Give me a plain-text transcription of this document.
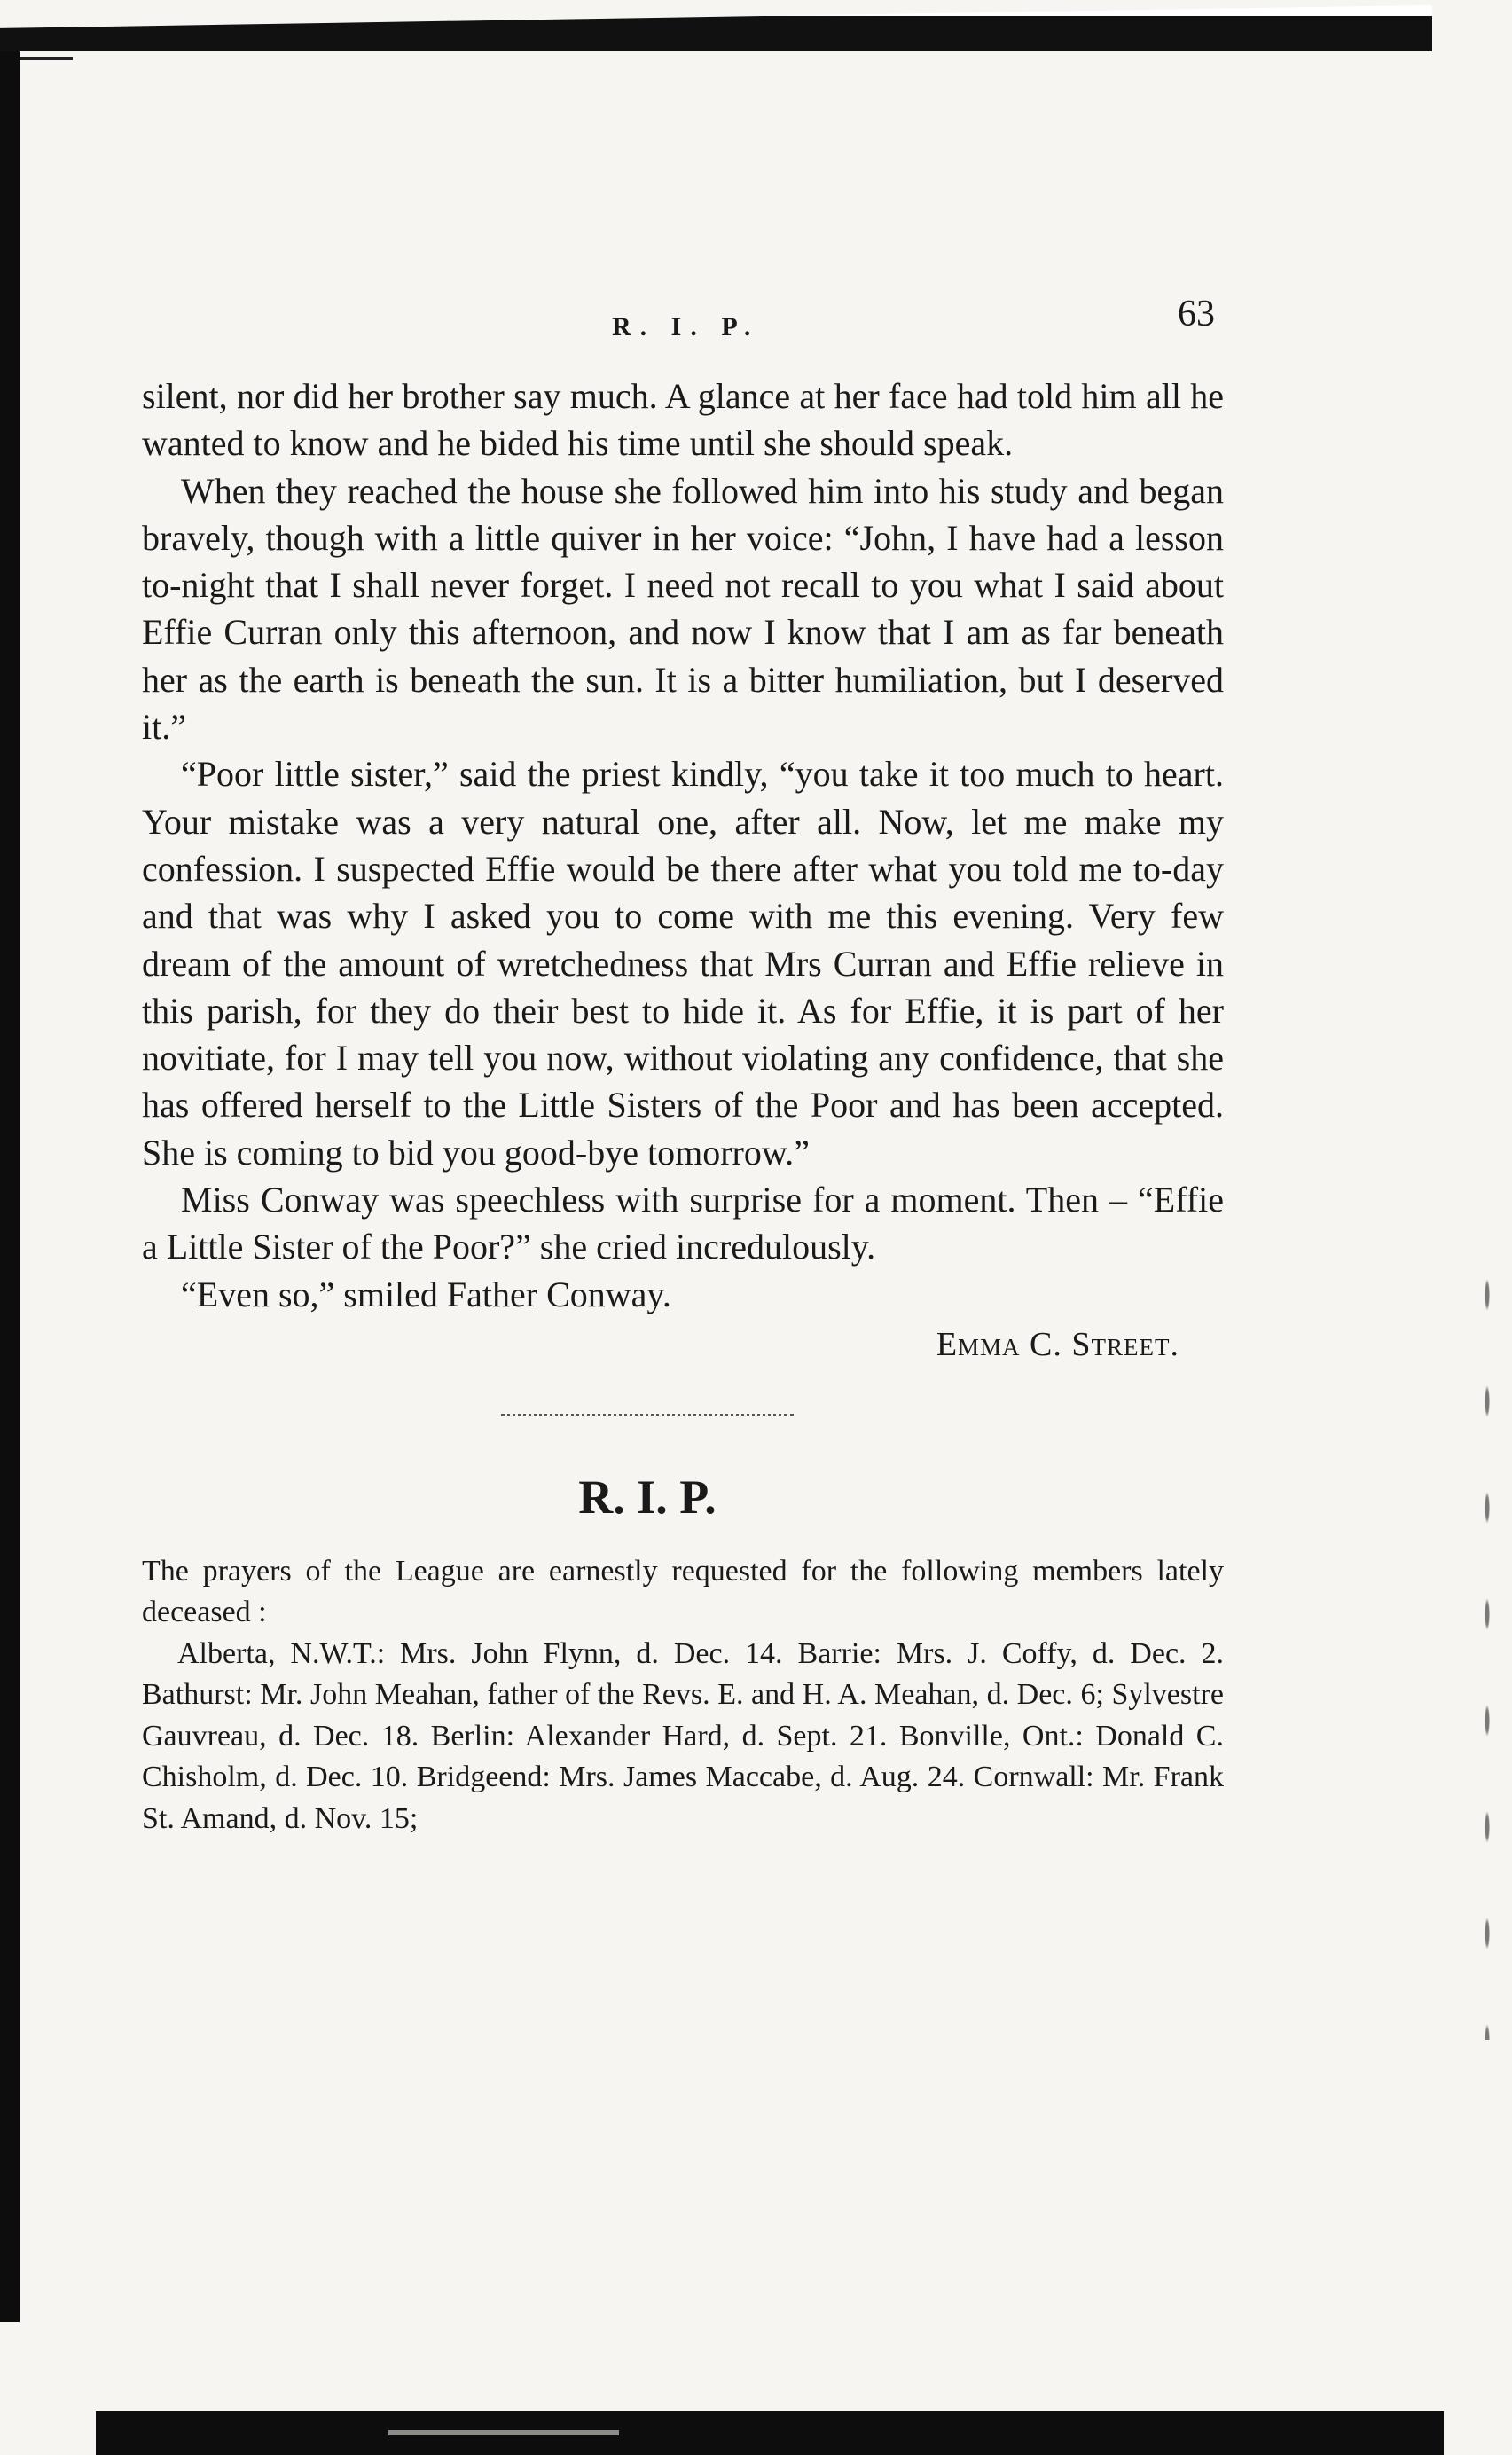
R. I. P.	63

silent, nor did her brother say much. A glance at her face had told him all he wanted to know and he bided his time until she should speak.

When they reached the house she followed him into his study and began bravely, though with a little quiver in her voice: “John, I have had a lesson to-night that I shall never forget. I need not recall to you what I said about Effie Curran only this afternoon, and now I know that I am as far beneath her as the earth is beneath the sun. It is a bitter humiliation, but I deserved it.”

“Poor little sister,” said the priest kindly, “you take it too much to heart. Your mistake was a very natural one, after all. Now, let me make my confession. I suspected Effie would be there after what you told me to-day and that was why I asked you to come with me this evening. Very few dream of the amount of wretchedness that Mrs Curran and Effie relieve in this parish, for they do their best to hide it. As for Effie, it is part of her novitiate, for I may tell you now, without violating any confidence, that she has offered herself to the Little Sisters of the Poor and has been accepted. She is coming to bid you good-bye tomorrow.”

Miss Conway was speechless with surprise for a moment. Then – “Effie a Little Sister of the Poor?” she cried incredulously.

“Even so,” smiled Father Conway.

Emma C. Street.
R. I. P.

The prayers of the League are earnestly requested for the following members lately deceased :

Alberta, N.W.T.: Mrs. John Flynn, d. Dec. 14. Barrie: Mrs. J. Coffy, d. Dec. 2. Bathurst: Mr. John Meahan, father of the Revs. E. and H. A. Meahan, d. Dec. 6; Sylvestre Gauvreau, d. Dec. 18. Berlin: Alexander Hard, d. Sept. 21. Bonville, Ont.: Donald C. Chisholm, d. Dec. 10. Bridgeend: Mrs. James Maccabe, d. Aug. 24. Cornwall: Mr. Frank St. Amand, d. Nov. 15;
